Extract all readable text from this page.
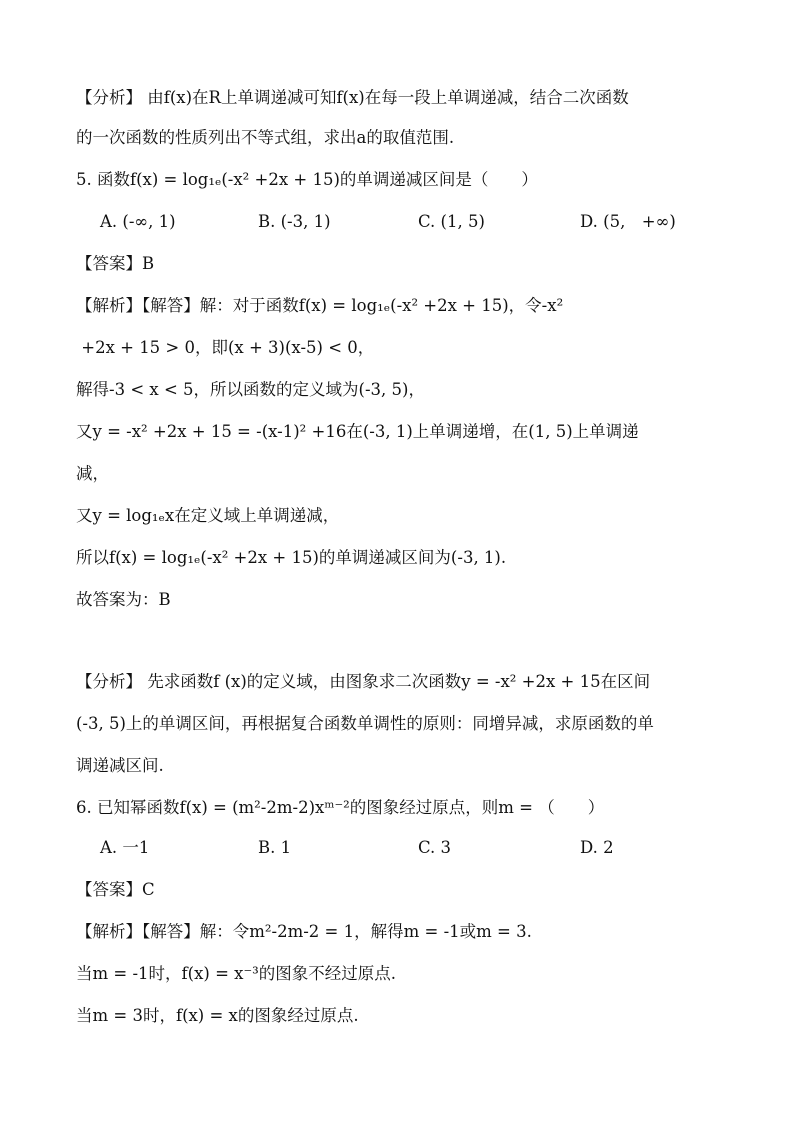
【分析】 由f(x)在R上单调递减可知f(x)在每一段上单调递减，结合二次函数
的一次函数的性质列出不等式组，求出a的取值范围.
5. 函数f(x) = log₁ₑ(-x² +2x + 15)的单调递减区间是（　　）
A. (-∞, 1)	B. (-3, 1)	C. (1, 5)	D. (5,　+∞)
【答案】B
【解析】【解答】解：对于函数f(x) = log₁ₑ(-x² +2x + 15)，令-x²
+2x + 15 > 0，即(x + 3)(x-5) < 0，
解得-3 < x < 5，所以函数的定义域为(-3, 5)，
又y = -x² +2x + 15 = -(x-1)² +16在(-3, 1)上单调递增，在(1, 5)上单调递
减，
又y = log₁ₑx在定义域上单调递减，
所以f(x) = log₁ₑ(-x² +2x + 15)的单调递减区间为(-3, 1).
故答案为：B
【分析】 先求函数f (x)的定义域，由图象求二次函数y = -x² +2x + 15在区间
(-3, 5)上的单调区间，再根据复合函数单调性的原则：同增异减，求原函数的单
调递减区间.
6. 已知幂函数f(x) = (m²-2m-2)xᵐ⁻²的图象经过原点，则m = （　　）
A. 一1	B. 1	C. 3	D. 2
【答案】C
【解析】【解答】解：令m²-2m-2 = 1，解得m = -1或m = 3.
当m = -1时，f(x) = x⁻³的图象不经过原点.
当m = 3时，f(x) = x的图象经过原点.
